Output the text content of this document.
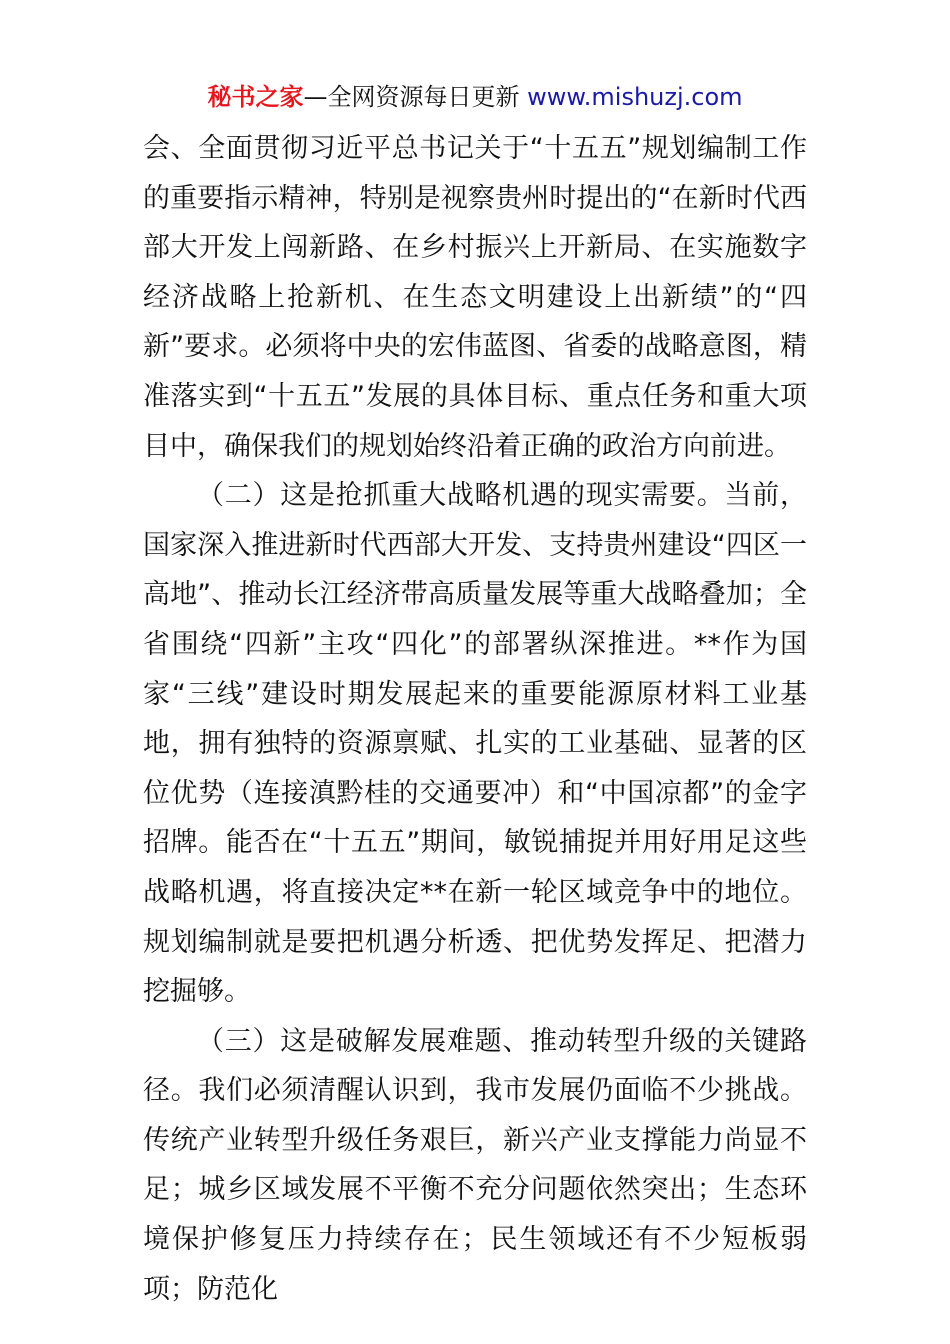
秘书之家—全网资源每日更新 www.mishuzj.com

会、全面贯彻习近平总书记关于“十五五”规划编制工作的重要指示精神，特别是视察贵州时提出的“在新时代西部大开发上闯新路、在乡村振兴上开新局、在实施数字经济战略上抢新机、在生态文明建设上出新绩”的“四新”要求。必须将中央的宏伟蓝图、省委的战略意图，精准落实到“十五五”发展的具体目标、重点任务和重大项目中，确保我们的规划始终沿着正确的政治方向前进。

（二）这是抢抓重大战略机遇的现实需要。当前，国家深入推进新时代西部大开发、支持贵州建设“四区一高地”、推动长江经济带高质量发展等重大战略叠加；全省围绕“四新”主攻“四化”的部署纵深推进。**作为国家“三线”建设时期发展起来的重要能源原材料工业基地，拥有独特的资源禀赋、扎实的工业基础、显著的区位优势（连接滇黔桂的交通要冲）和“中国凉都”的金字招牌。能否在“十五五”期间，敏锐捕捉并用好用足这些战略机遇，将直接决定**在新一轮区域竞争中的地位。规划编制就是要把机遇分析透、把优势发挥足、把潜力挖掘够。

（三）这是破解发展难题、推动转型升级的关键路径。我们必须清醒认识到，我市发展仍面临不少挑战。传统产业转型升级任务艰巨，新兴产业支撑能力尚显不足；城乡区域发展不平衡不充分问题依然突出；生态环境保护修复压力持续存在；民生领域还有不少短板弱项；防范化
